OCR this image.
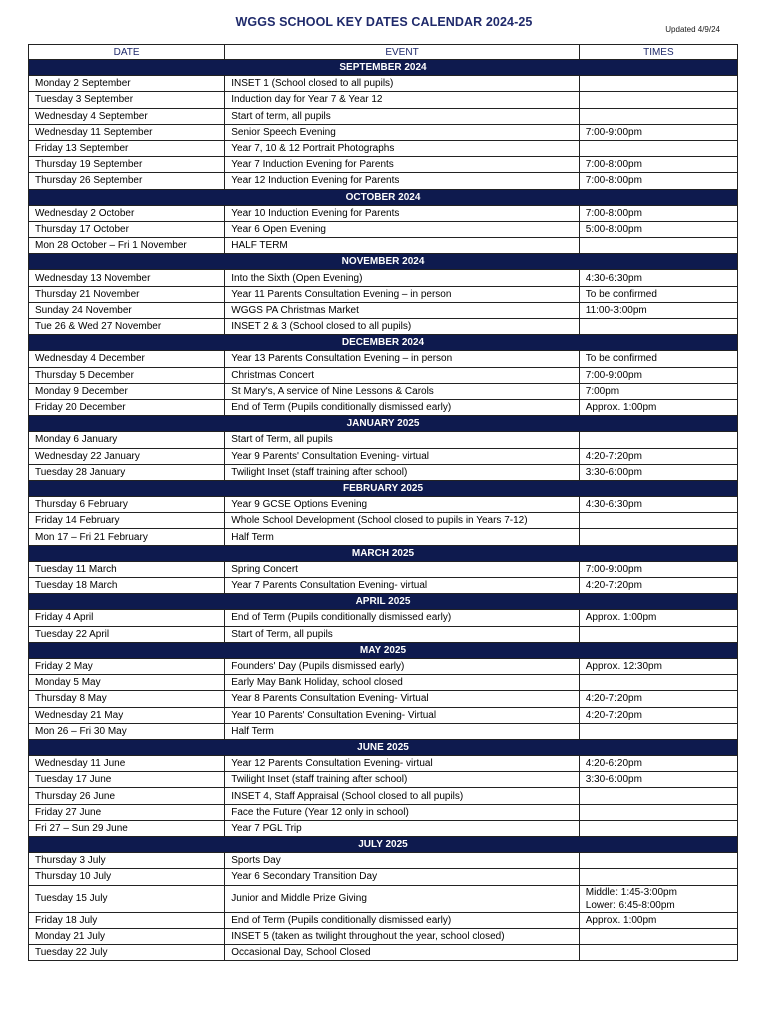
WGGS SCHOOL KEY DATES CALENDAR 2024-25
Updated 4/9/24
DATE	EVENT	TIMES
SEPTEMBER 2024		
Monday 2 September	INSET 1 (School closed to all pupils)	
Tuesday 3 September	Induction day for Year 7 & Year 12	
Wednesday 4 September	Start of term, all pupils	
Wednesday 11 September	Senior Speech Evening	7:00-9:00pm
Friday 13 September	Year 7, 10 & 12 Portrait Photographs	
Thursday 19 September	Year 7 Induction Evening for Parents	7:00-8:00pm
Thursday 26 September	Year 12 Induction Evening for Parents	7:00-8:00pm
OCTOBER 2024		
Wednesday 2 October	Year 10 Induction Evening for Parents	7:00-8:00pm
Thursday 17 October	Year 6 Open Evening	5:00-8:00pm
Mon 28 October – Fri 1 November	HALF TERM	
NOVEMBER 2024		
Wednesday 13 November	Into the Sixth (Open Evening)	4:30-6:30pm
Thursday 21 November	Year 11 Parents Consultation Evening – in person	To be confirmed
Sunday 24 November	WGGS PA Christmas Market	11:00-3:00pm
Tue 26 & Wed 27 November	INSET 2 & 3 (School closed to all pupils)	
DECEMBER 2024		
Wednesday 4 December	Year 13 Parents Consultation Evening – in person	To be confirmed
Thursday 5 December	Christmas Concert	7:00-9:00pm
Monday 9 December	St Mary's, A service of Nine Lessons & Carols	7:00pm
Friday 20 December	End of Term (Pupils conditionally dismissed early)	Approx. 1:00pm
JANUARY 2025		
Monday 6 January	Start of Term, all pupils	
Wednesday 22 January	Year 9 Parents' Consultation Evening- virtual	4:20-7:20pm
Tuesday 28 January	Twilight Inset (staff training after school)	3:30-6:00pm
FEBRUARY 2025		
Thursday 6 February	Year 9 GCSE Options Evening	4:30-6:30pm
Friday 14 February	Whole School Development (School closed to pupils in Years 7-12)	
Mon 17 – Fri 21 February	Half Term	
MARCH 2025		
Tuesday 11 March	Spring Concert	7:00-9:00pm
Tuesday 18 March	Year 7 Parents Consultation Evening- virtual	4:20-7:20pm
APRIL 2025		
Friday 4 April	End of Term (Pupils conditionally dismissed early)	Approx. 1:00pm
Tuesday 22 April	Start of Term, all pupils	
MAY 2025		
Friday 2 May	Founders' Day (Pupils dismissed early)	Approx. 12:30pm
Monday 5 May	Early May Bank Holiday, school closed	
Thursday 8 May	Year 8 Parents Consultation Evening- Virtual	4:20-7:20pm
Wednesday 21 May	Year 10 Parents' Consultation Evening- Virtual	4:20-7:20pm
Mon 26 – Fri 30 May	Half Term	
JUNE 2025		
Wednesday 11 June	Year 12 Parents Consultation Evening- virtual	4:20-6:20pm
Tuesday 17 June	Twilight Inset (staff training after school)	3:30-6:00pm
Thursday 26 June	INSET 4, Staff Appraisal (School closed to all pupils)	
Friday 27 June	Face the Future (Year 12 only in school)	
Fri 27 – Sun 29 June	Year 7 PGL Trip	
JULY 2025		
Thursday 3 July	Sports Day	
Thursday 10 July	Year 6 Secondary Transition Day	
Tuesday 15 July	Junior and Middle Prize Giving	Middle: 1:45-3:00pm
Lower: 6:45-8:00pm
Friday 18 July	End of Term (Pupils conditionally dismissed early)	Approx. 1:00pm
Monday 21 July	INSET 5 (taken as twilight throughout the year, school closed)	
Tuesday 22 July	Occasional Day, School Closed	
